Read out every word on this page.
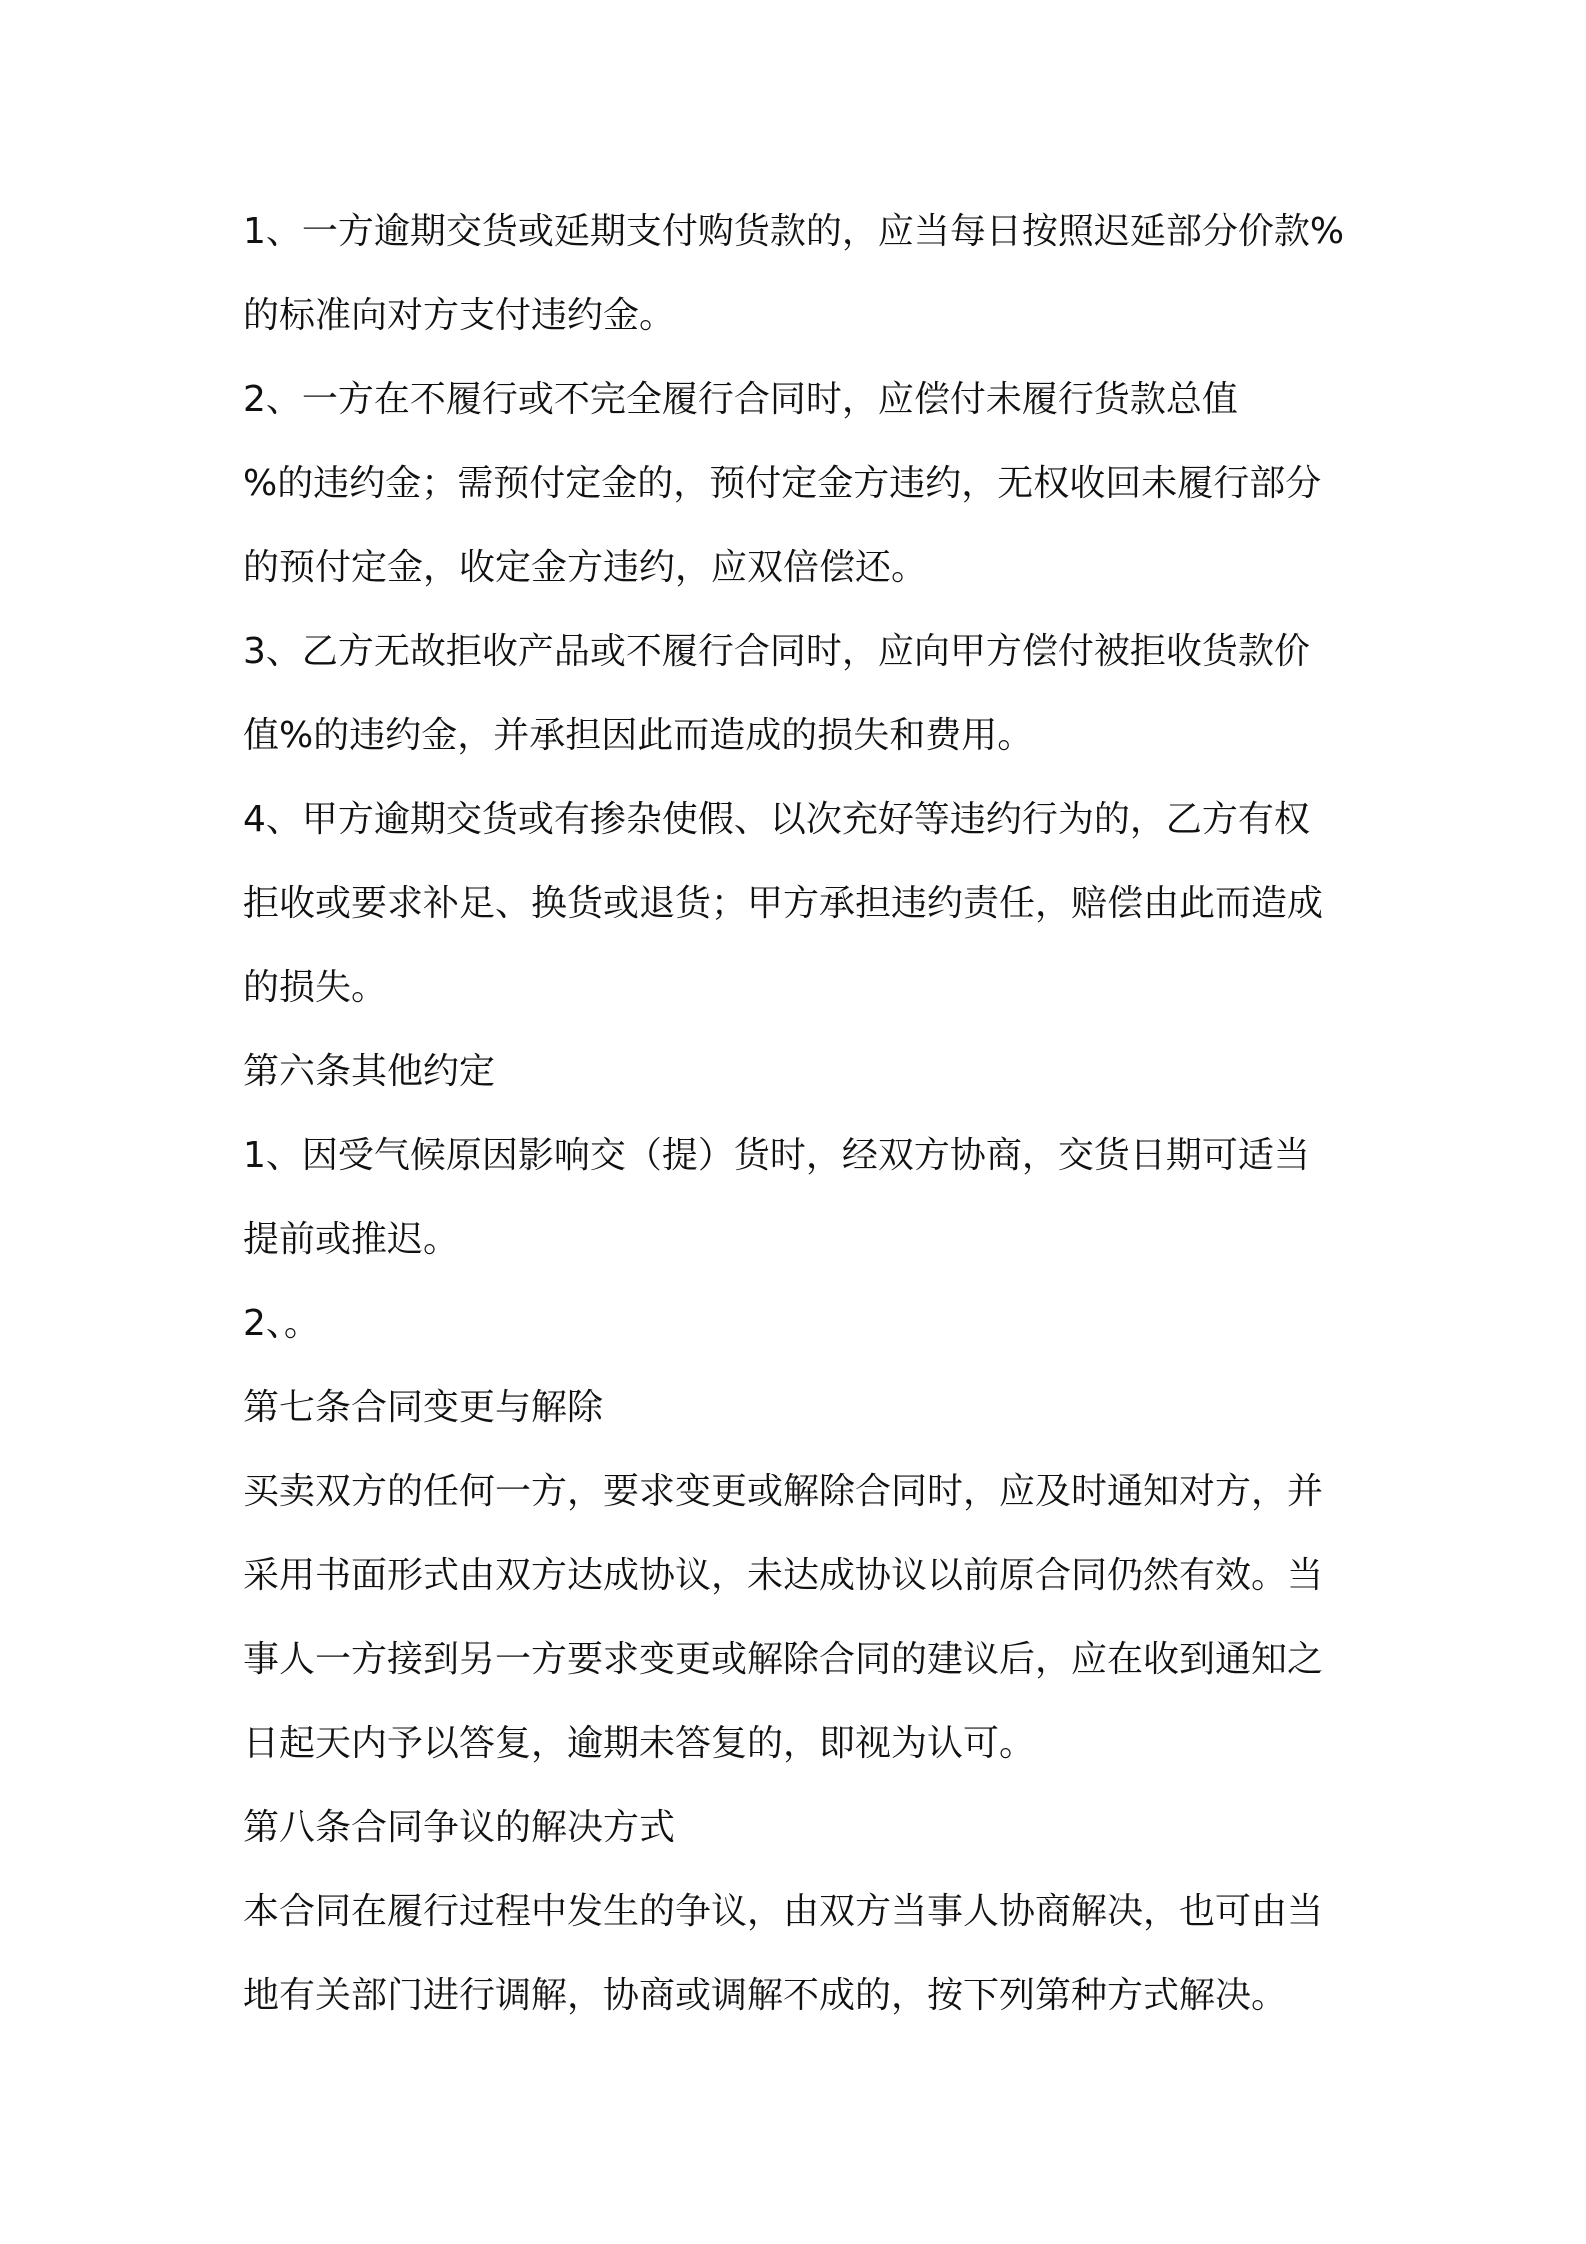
1、一方逾期交货或延期支付购货款的，应当每日按照迟延部分价款%
的标准向对方支付违约金。

2、一方在不履行或不完全履行合同时，应偿付未履行货款总值
%的违约金；需预付定金的，预付定金方违约，无权收回未履行部分
的预付定金，收定金方违约，应双倍偿还。

3、乙方无故拒收产品或不履行合同时，应向甲方偿付被拒收货款价
值%的违约金，并承担因此而造成的损失和费用。

4、甲方逾期交货或有掺杂使假、以次充好等违约行为的，乙方有权
拒收或要求补足、换货或退货；甲方承担违约责任，赔偿由此而造成
的损失。

第六条其他约定

1、因受气候原因影响交（提）货时，经双方协商，交货日期可适当
提前或推迟。

2、。

第七条合同变更与解除

买卖双方的任何一方，要求变更或解除合同时，应及时通知对方，并
采用书面形式由双方达成协议，未达成协议以前原合同仍然有效。当
事人一方接到另一方要求变更或解除合同的建议后，应在收到通知之
日起天内予以答复，逾期未答复的，即视为认可。

第八条合同争议的解决方式

本合同在履行过程中发生的争议，由双方当事人协商解决，也可由当
地有关部门进行调解，协商或调解不成的，按下列第种方式解决。
